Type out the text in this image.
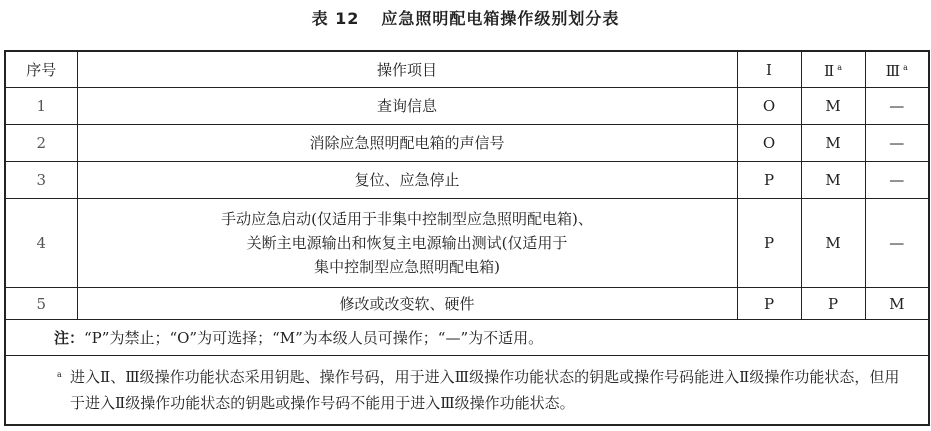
表 12 应急照明配电箱操作级别划分表
序号	操作项目	Ⅰ	Ⅱ $^a$	Ⅲ $^a$
1	查询信息	O	M	—
2	消除应急照明配电箱的声信号	O	M	—
3	复位、应急停止	P	M	—
4	手动应急启动(仅适用于非集中控制型应急照明配电箱)、
关断主电源输出和恢复主电源输出测试(仅适用于
集中控制型应急照明配电箱)	P	M	—
5	修改或改变软、硬件	P	P	M
注：“P”为禁止；“O”为可选择；“M”为本级人员可操作；“—”为不适用。				

a 进入Ⅱ、Ⅲ级操作功能状态采用钥匙、操作号码，用于进入Ⅲ级操作功能状态的钥匙或操作号码能进入Ⅱ级操作功能状态，但用于进入Ⅱ级操作功能状态的钥匙或操作号码不能用于进入Ⅲ级操作功能状态。				
